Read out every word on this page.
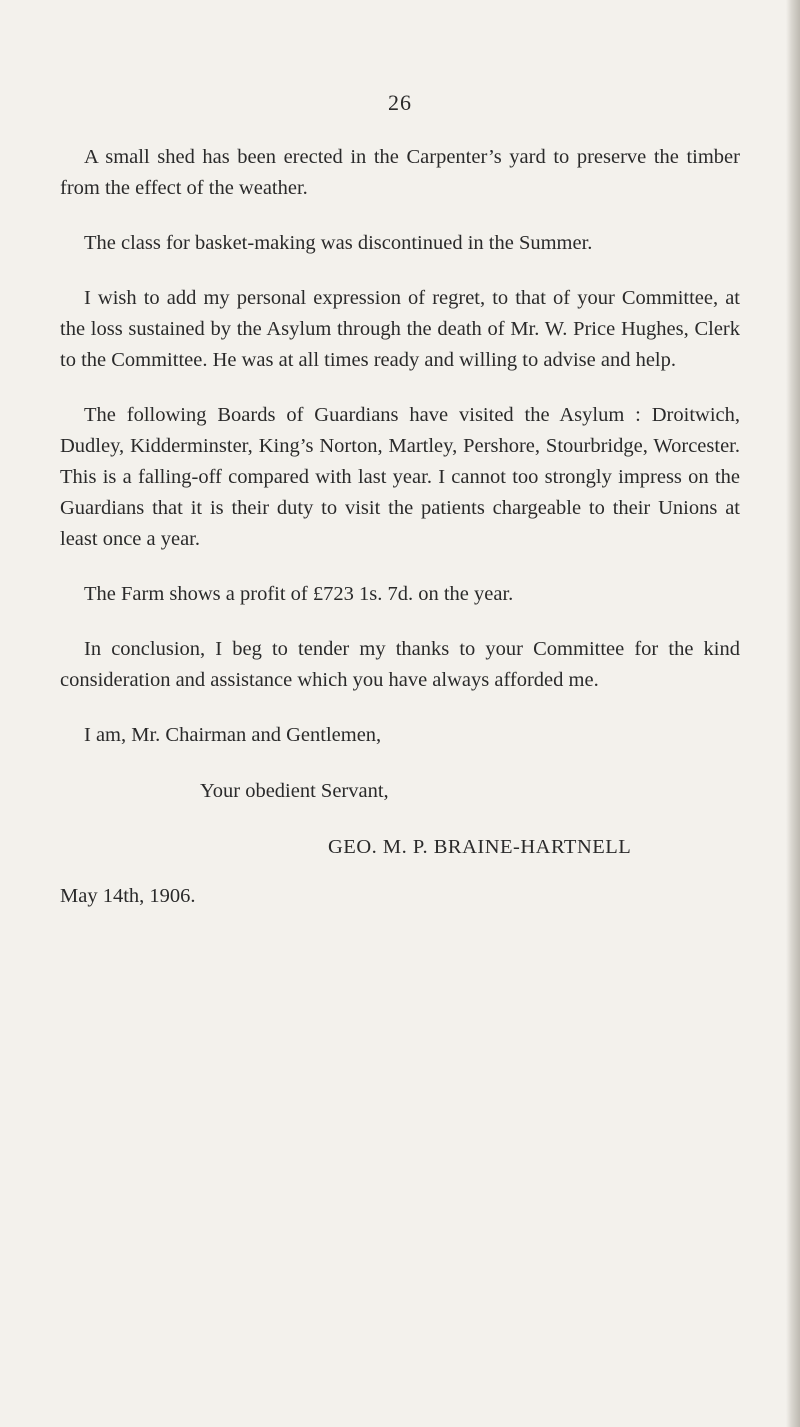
26

A small shed has been erected in the Carpenter’s yard to preserve the timber from the effect of the weather.

The class for basket-making was discontinued in the Summer.

I wish to add my personal expression of regret, to that of your Committee, at the loss sustained by the Asylum through the death of Mr. W. Price Hughes, Clerk to the Committee. He was at all times ready and willing to advise and help.

The following Boards of Guardians have visited the Asylum : Droitwich, Dudley, Kidderminster, King’s Norton, Martley, Pershore, Stourbridge, Worcester. This is a falling-off compared with last year. I cannot too strongly impress on the Guardians that it is their duty to visit the patients chargeable to their Unions at least once a year.

The Farm shows a profit of £723 1s. 7d. on the year.

In conclusion, I beg to tender my thanks to your Committee for the kind consideration and assistance which you have always afforded me.

I am, Mr. Chairman and Gentlemen,

Your obedient Servant,

GEO. M. P. BRAINE-HARTNELL

May 14th, 1906.
